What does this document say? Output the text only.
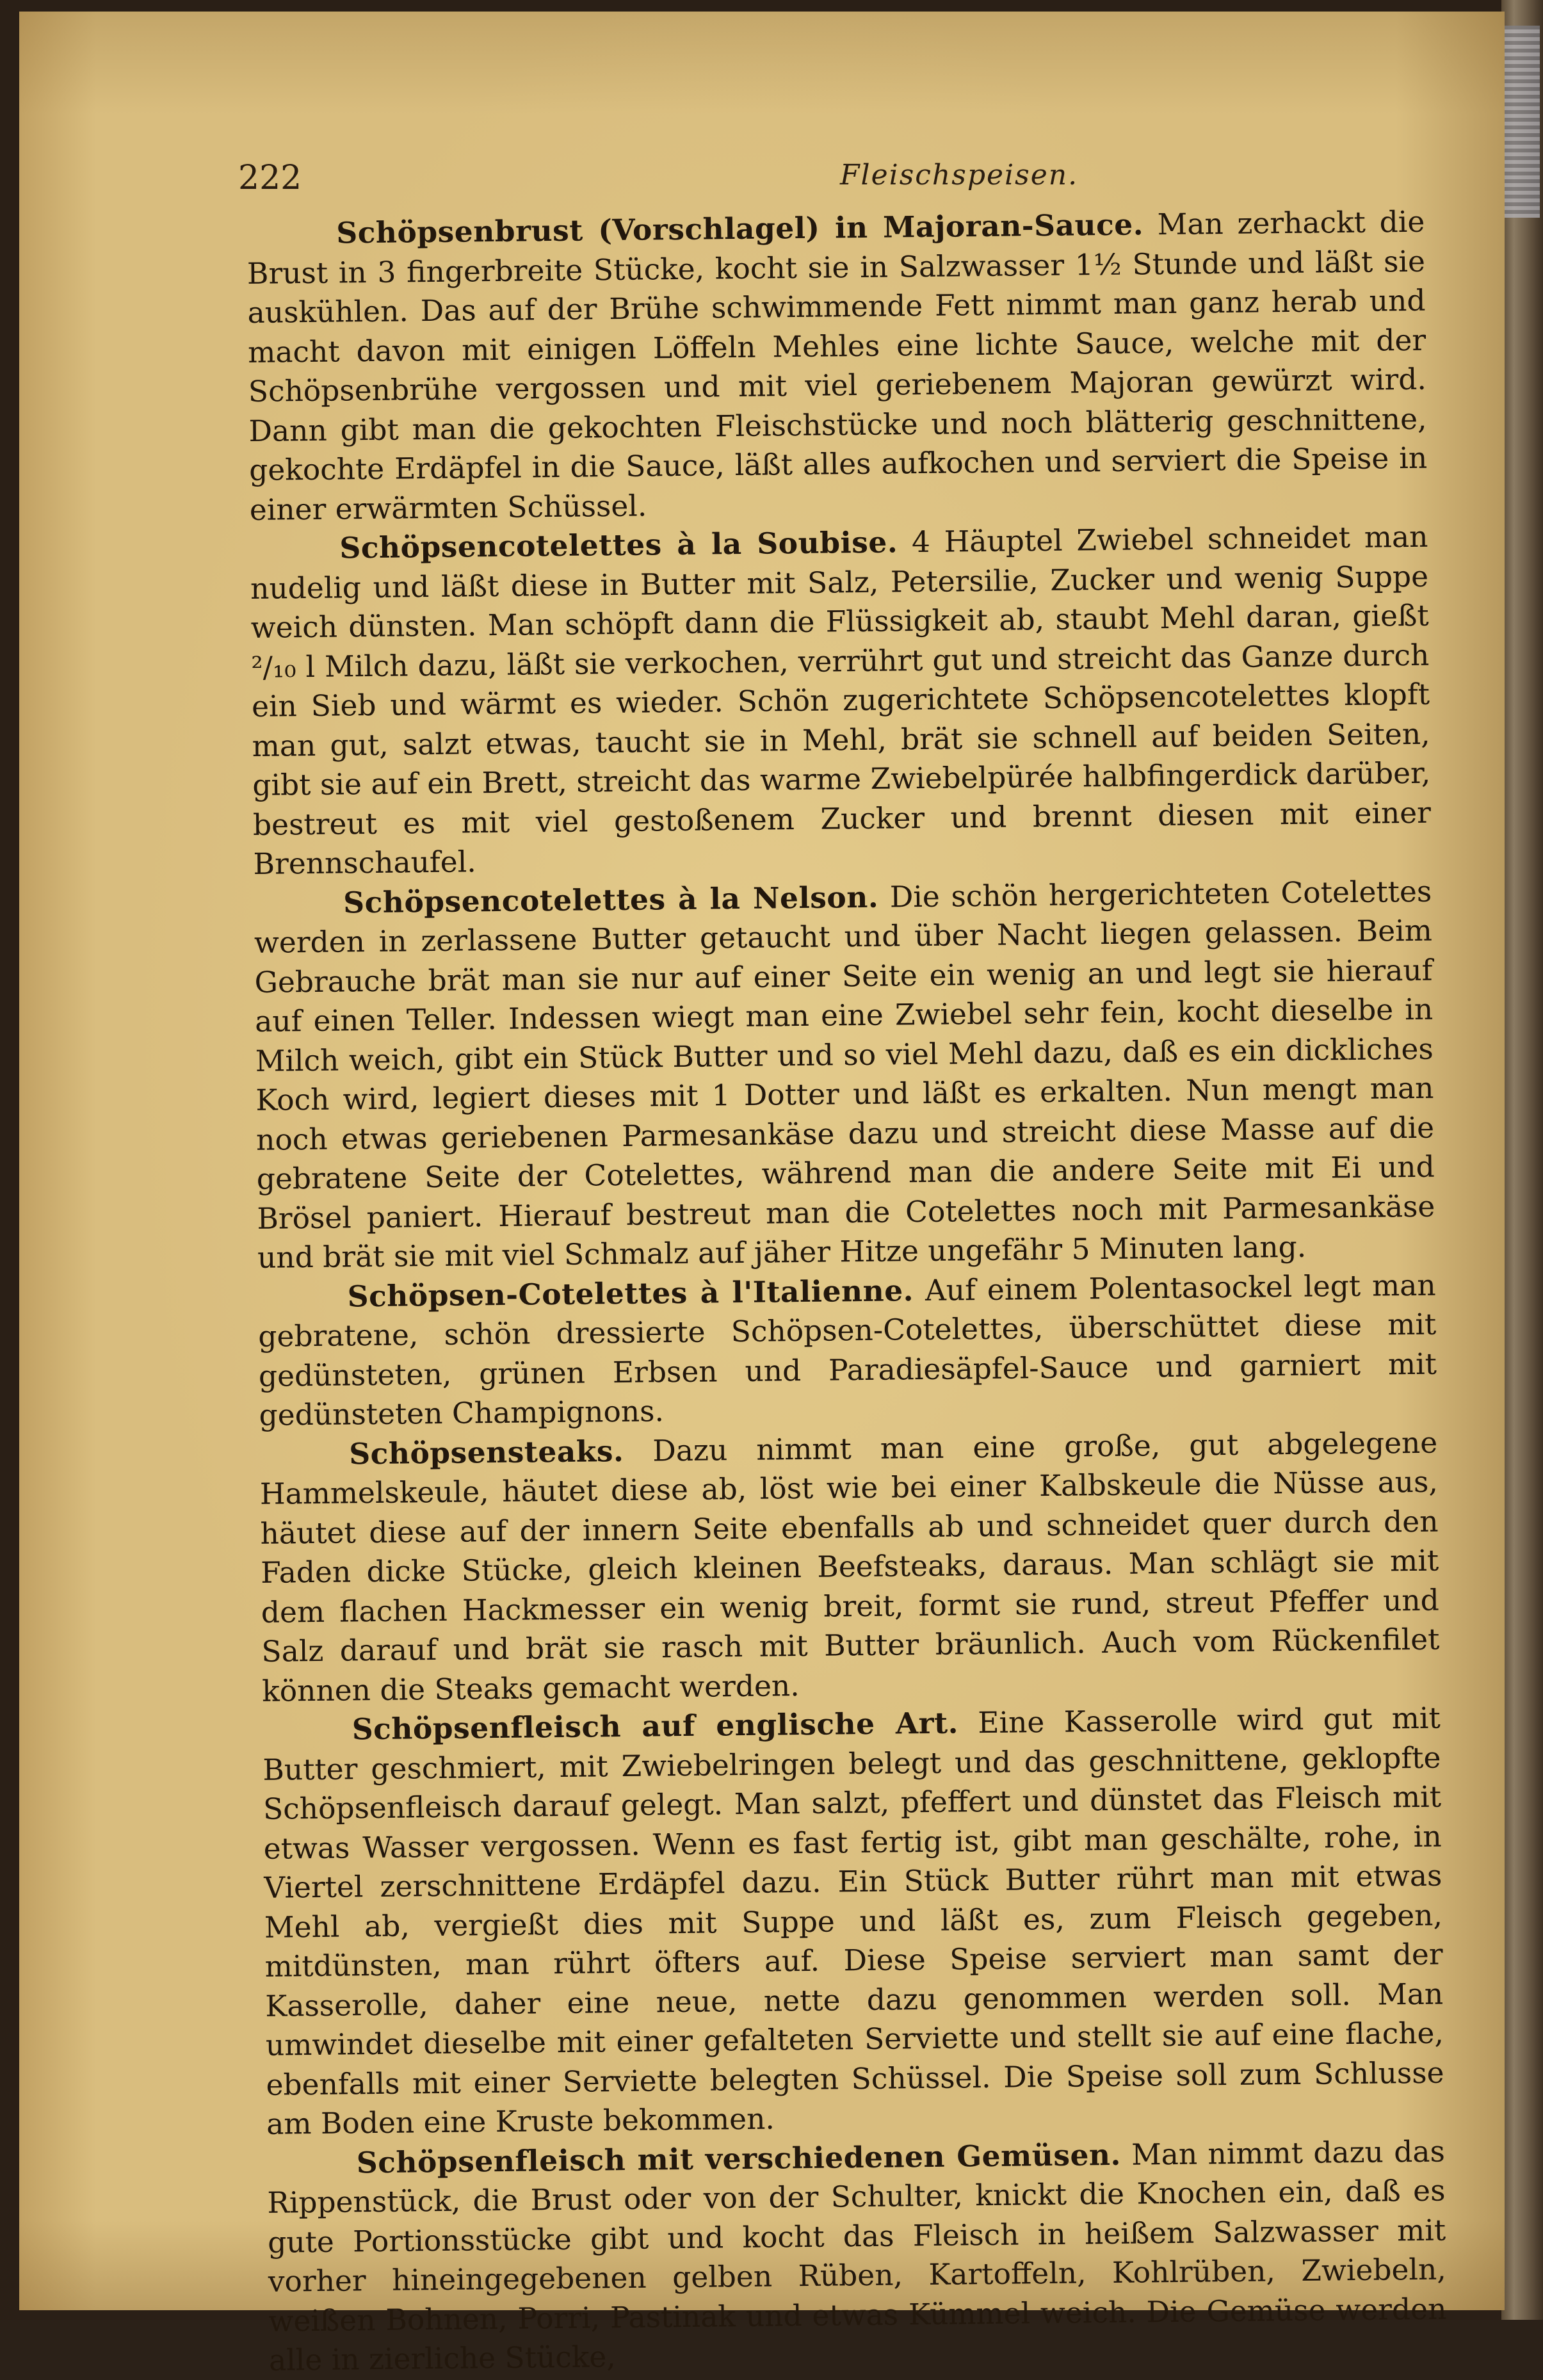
222	Fleischspeisen.

Schöpsenbrust (Vorschlagel) in Majoran-Sauce. Man zerhackt die Brust in 3 fingerbreite Stücke, kocht sie in Salzwasser 1½ Stunde und läßt sie auskühlen. Das auf der Brühe schwimmende Fett nimmt man ganz herab und macht davon mit einigen Löffeln Mehles eine lichte Sauce, welche mit der Schöpsenbrühe vergossen und mit viel geriebenem Majoran gewürzt wird. Dann gibt man die gekochten Fleischstücke und noch blätterig geschnittene, gekochte Erdäpfel in die Sauce, läßt alles aufkochen und serviert die Speise in einer erwärmten Schüssel.

Schöpsencotelettes à la Soubise. 4 Häuptel Zwiebel schneidet man nudelig und läßt diese in Butter mit Salz, Petersilie, Zucker und wenig Suppe weich dünsten. Man schöpft dann die Flüssigkeit ab, staubt Mehl daran, gießt ²/₁₀ l Milch dazu, läßt sie verkochen, verrührt gut und streicht das Ganze durch ein Sieb und wärmt es wieder. Schön zugerichtete Schöpsencotelettes klopft man gut, salzt etwas, taucht sie in Mehl, brät sie schnell auf beiden Seiten, gibt sie auf ein Brett, streicht das warme Zwiebelpürée halbfingerdick darüber, bestreut es mit viel gestoßenem Zucker und brennt diesen mit einer Brennschaufel.

Schöpsencotelettes à la Nelson. Die schön hergerichteten Cotelettes werden in zerlassene Butter getaucht und über Nacht liegen gelassen. Beim Gebrauche brät man sie nur auf einer Seite ein wenig an und legt sie hierauf auf einen Teller. Indessen wiegt man eine Zwiebel sehr fein, kocht dieselbe in Milch weich, gibt ein Stück Butter und so viel Mehl dazu, daß es ein dickliches Koch wird, legiert dieses mit 1 Dotter und läßt es erkalten. Nun mengt man noch etwas geriebenen Parmesankäse dazu und streicht diese Masse auf die gebratene Seite der Cotelettes, während man die andere Seite mit Ei und Brösel paniert. Hierauf bestreut man die Cotelettes noch mit Parmesankäse und brät sie mit viel Schmalz auf jäher Hitze ungefähr 5 Minuten lang.

Schöpsen-Cotelettes à l'Italienne. Auf einem Polentasockel legt man gebratene, schön dressierte Schöpsen-Cotelettes, überschüttet diese mit gedünsteten, grünen Erbsen und Paradiesäpfel-Sauce und garniert mit gedünsteten Champignons.

Schöpsensteaks. Dazu nimmt man eine große, gut abgelegene Hammelskeule, häutet diese ab, löst wie bei einer Kalbskeule die Nüsse aus, häutet diese auf der innern Seite ebenfalls ab und schneidet quer durch den Faden dicke Stücke, gleich kleinen Beefsteaks, daraus. Man schlägt sie mit dem flachen Hackmesser ein wenig breit, formt sie rund, streut Pfeffer und Salz darauf und brät sie rasch mit Butter bräunlich. Auch vom Rückenfilet können die Steaks gemacht werden.

Schöpsenfleisch auf englische Art. Eine Kasserolle wird gut mit Butter geschmiert, mit Zwiebelringen belegt und das geschnittene, geklopfte Schöpsenfleisch darauf gelegt. Man salzt, pfeffert und dünstet das Fleisch mit etwas Wasser vergossen. Wenn es fast fertig ist, gibt man geschälte, rohe, in Viertel zerschnittene Erdäpfel dazu. Ein Stück Butter rührt man mit etwas Mehl ab, vergießt dies mit Suppe und läßt es, zum Fleisch gegeben, mitdünsten, man rührt öfters auf. Diese Speise serviert man samt der Kasserolle, daher eine neue, nette dazu genommen werden soll. Man umwindet dieselbe mit einer gefalteten Serviette und stellt sie auf eine flache, ebenfalls mit einer Serviette belegten Schüssel. Die Speise soll zum Schlusse am Boden eine Kruste bekommen.

Schöpsenfleisch mit verschiedenen Gemüsen. Man nimmt dazu das Rippenstück, die Brust oder von der Schulter, knickt die Knochen ein, daß es gute Portionsstücke gibt und kocht das Fleisch in heißem Salzwasser mit vorher hineingegebenen gelben Rüben, Kartoffeln, Kohlrüben, Zwiebeln, weißen Bohnen, Porri, Pastinak und etwas Kümmel weich. Die Gemüse werden alle in zierliche Stücke,
